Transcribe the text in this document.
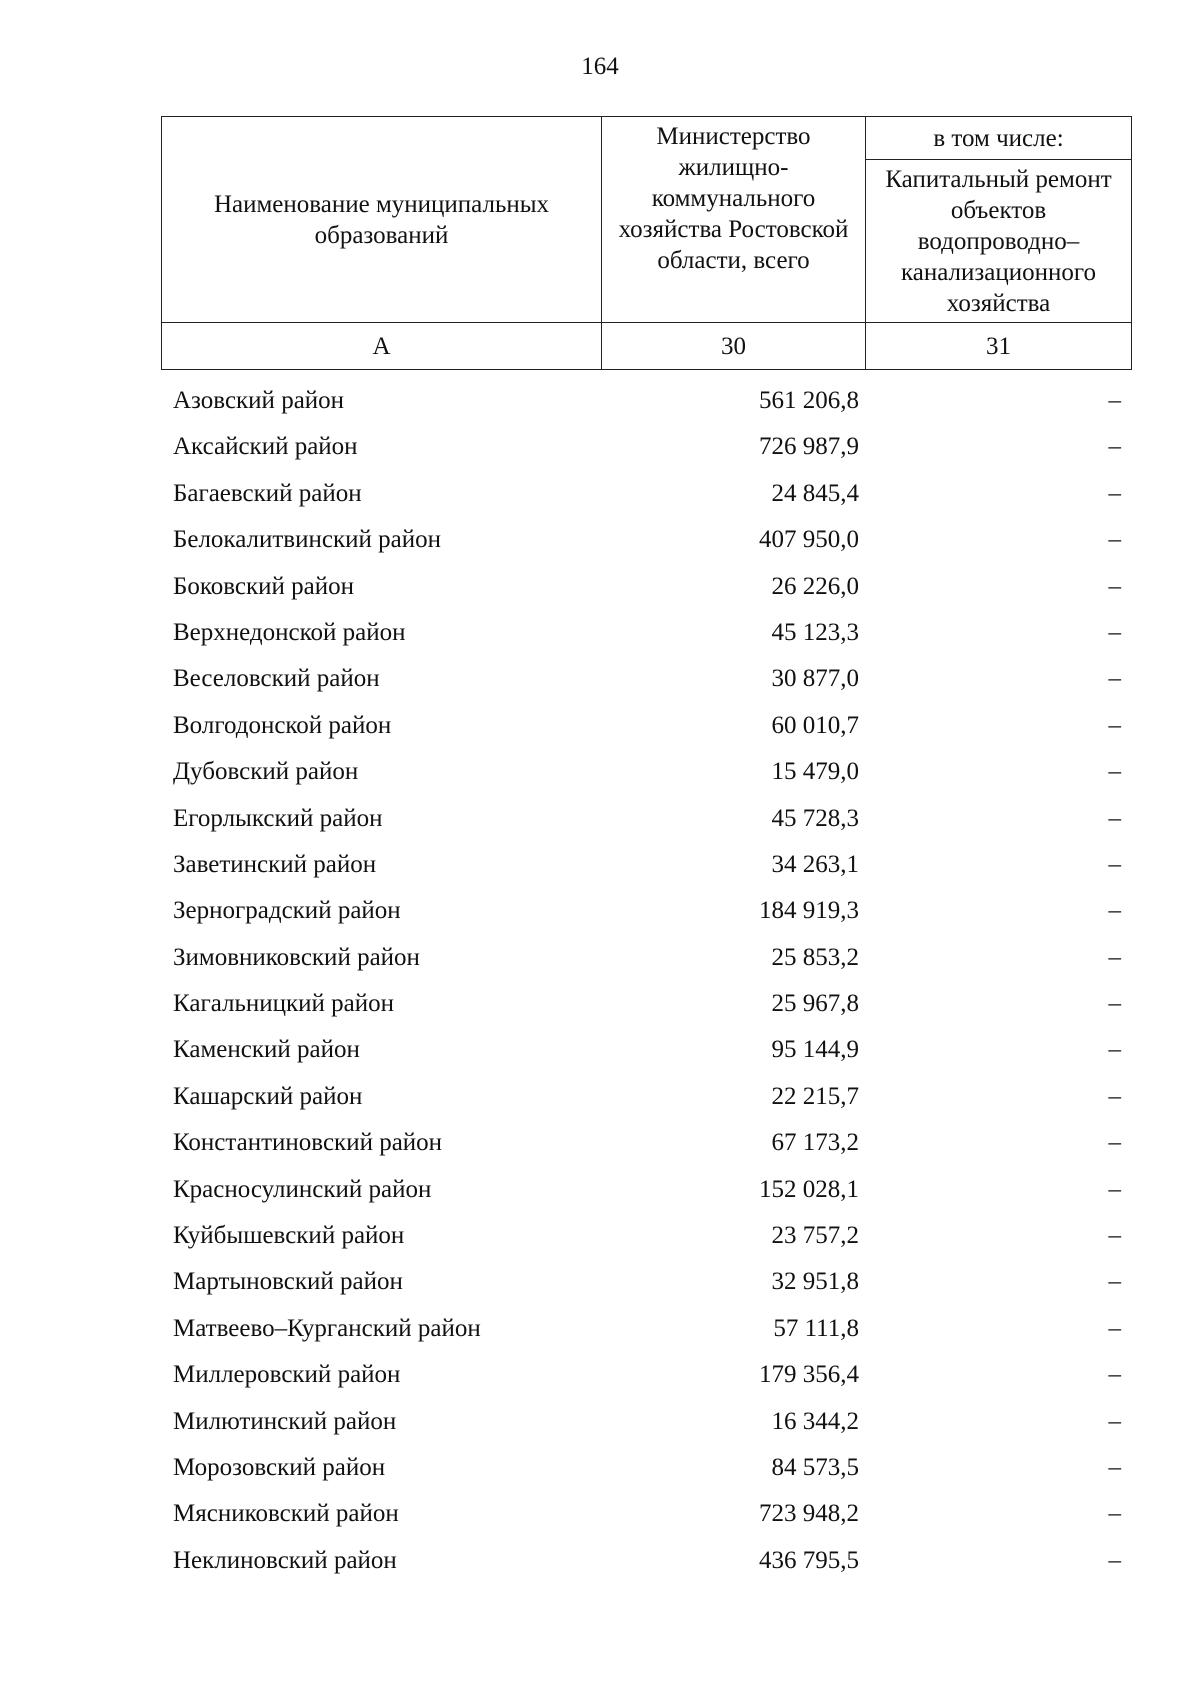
164
Наименование муниципальных образований	Министерство жилищно-коммунального хозяйства Ростовской области, всего	в том числе:
		Капитальный ремонт объектов водопроводно–канализационного хозяйства
А	30	31
Азовский район	561 206,8	–
Аксайский район	726 987,9	–
Багаевский район	24 845,4	–
Белокалитвинский район	407 950,0	–
Боковский район	26 226,0	–
Верхнедонской район	45 123,3	–
Веселовский район	30 877,0	–
Волгодонской район	60 010,7	–
Дубовский район	15 479,0	–
Егорлыкский район	45 728,3	–
Заветинский район	34 263,1	–
Зерноградский район	184 919,3	–
Зимовниковский район	25 853,2	–
Кагальницкий район	25 967,8	–
Каменский район	95 144,9	–
Кашарский район	22 215,7	–
Константиновский район	67 173,2	–
Красносулинский район	152 028,1	–
Куйбышевский район	23 757,2	–
Мартыновский район	32 951,8	–
Матвеево–Курганский район	57 111,8	–
Миллеровский район	179 356,4	–
Милютинский район	16 344,2	–
Морозовский район	84 573,5	–
Мясниковский район	723 948,2	–
Неклиновский район	436 795,5	–
